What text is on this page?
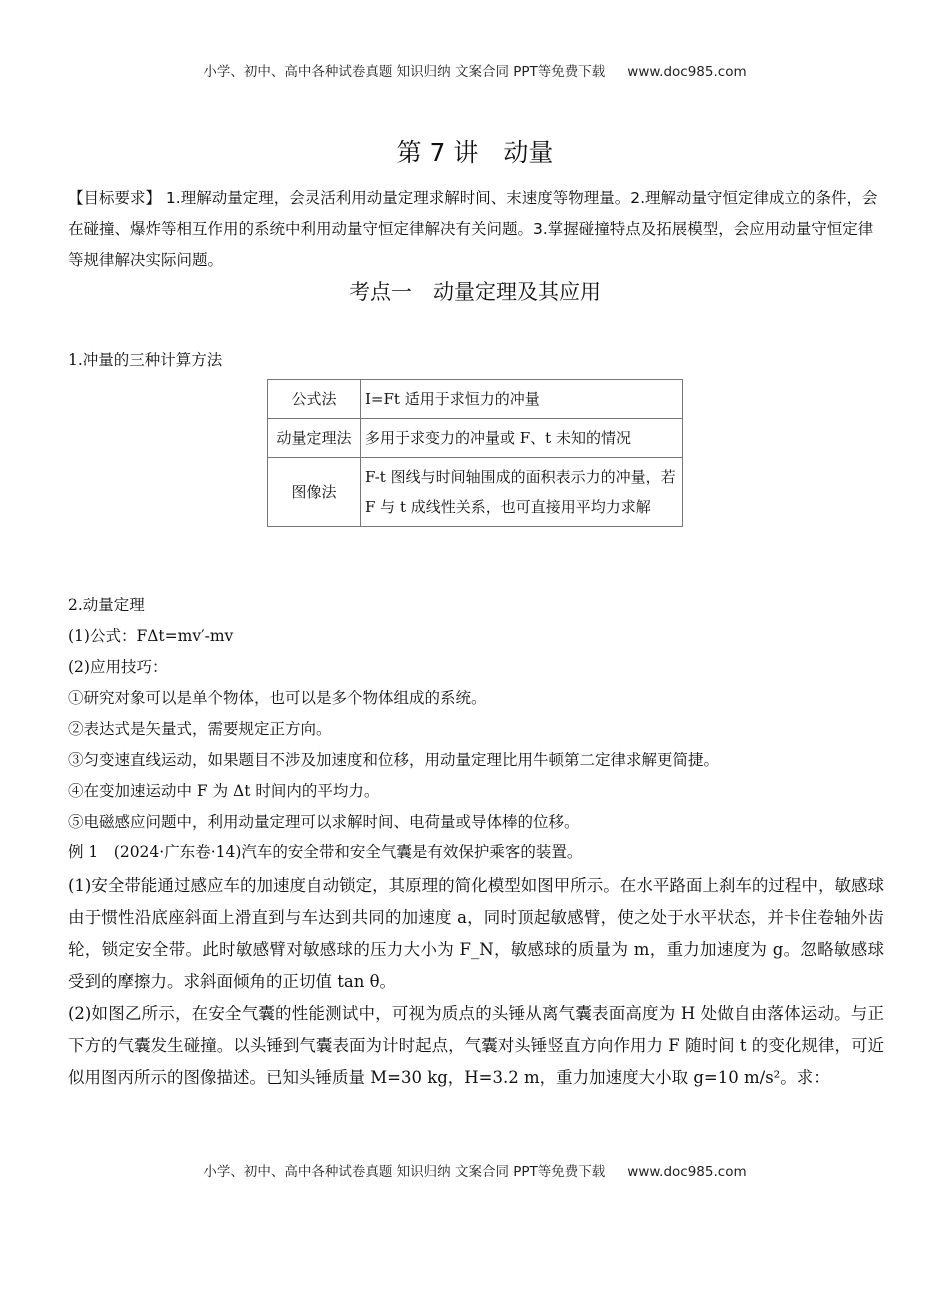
小学、初中、高中各种试卷真题 知识归纳 文案合同 PPT等免费下载 www.doc985.com
第 7 讲　动量
【目标要求】 1.理解动量定理，会灵活利用动量定理求解时间、末速度等物理量。2.理解动量守恒定律成立的条件，会在碰撞、爆炸等相互作用的系统中利用动量守恒定律解决有关问题。3.掌握碰撞特点及拓展模型，会应用动量守恒定律等规律解决实际问题。
考点一　动量定理及其应用
1.冲量的三种计算方法
公式法	I=Ft 适用于求恒力的冲量
动量定理法	多用于求变力的冲量或 F、t 未知的情况
图像法	F-t 图线与时间轴围成的面积表示力的冲量，若 F 与 t 成线性关系，也可直接用平均力求解
2.动量定理
(1)公式：FΔt=mv′-mv
(2)应用技巧：
①研究对象可以是单个物体，也可以是多个物体组成的系统。
②表达式是矢量式，需要规定正方向。
③匀变速直线运动，如果题目不涉及加速度和位移，用动量定理比用牛顿第二定律求解更简捷。
④在变加速运动中 F 为 Δt 时间内的平均力。
⑤电磁感应问题中，利用动量定理可以求解时间、电荷量或导体棒的位移。
例 1　(2024·广东卷·14)汽车的安全带和安全气囊是有效保护乘客的装置。

(1)安全带能通过感应车的加速度自动锁定，其原理的简化模型如图甲所示。在水平路面上刹车的过程中，敏感球由于惯性沿底座斜面上滑直到与车达到共同的加速度 a，同时顶起敏感臂，使之处于水平状态，并卡住卷轴外齿轮，锁定安全带。此时敏感臂对敏感球的压力大小为 F_N，敏感球的质量为 m，重力加速度为 g。忽略敏感球受到的摩擦力。求斜面倾角的正切值 tan θ。

(2)如图乙所示，在安全气囊的性能测试中，可视为质点的头锤从离气囊表面高度为 H 处做自由落体运动。与正下方的气囊发生碰撞。以头锤到气囊表面为计时起点，气囊对头锤竖直方向作用力 F 随时间 t 的变化规律，可近似用图丙所示的图像描述。已知头锤质量 M=30 kg，H=3.2 m，重力加速度大小取 g=10 m/s²。求：

小学、初中、高中各种试卷真题 知识归纳 文案合同 PPT等免费下载 www.doc985.com
